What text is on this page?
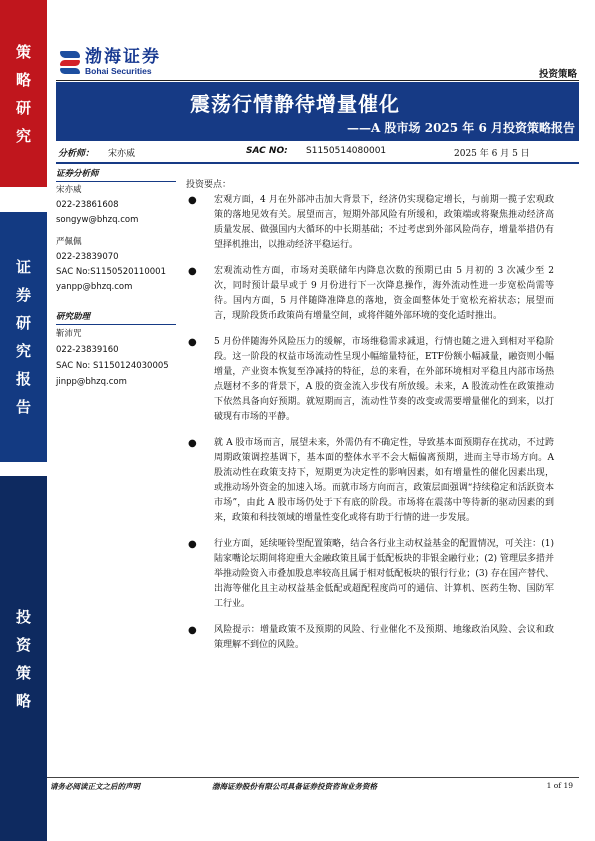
策
略
研
究
证
券
研
究
报
告
投
资
策
略
渤海证券
Bohai Securities	投资策略
震荡行情静待增量催化
——A 股市场 2025 年 6 月投资策略报告
分析师： 宋亦威	SAC NO: S1150514080001	2025 年 6 月 5 日
证券分析师
宋亦威
022-23861608
songyw@bhzq.com
严佩佩
022-23839070
SAC No:S1150520110001
yanpp@bhzq.com
研究助理
靳沛咒
022-23839160
SAC No: S1150124030005
jinpp@bhzq.com
投资要点：
● 宏观方面，4 月在外部冲击加大背景下，经济仍实现稳定增长，与前期一揽子宏观政策的落地见效有关。展望而言，短期外部风险有所缓和，政策端或将聚焦推动经济高质量发展、做强国内大循环的中长期基础；不过考虑到外部风险尚存，增量举措仍有望择机推出，以推动经济平稳运行。
● 宏观流动性方面，市场对美联储年内降息次数的预期已由 5 月初的 3 次减少至 2 次，同时预计最早或于 9 月份进行下一次降息操作，海外流动性进一步宽松尚需等待。国内方面，5 月伴随降准降息的落地，资金面整体处于宽松充裕状态；展望而言，现阶段货币政策尚有增量空间，或将伴随外部环境的变化适时推出。
● 5 月份伴随海外风险压力的缓解，市场维稳需求减退，行情也随之进入到相对平稳阶段。这一阶段的权益市场流动性呈现小幅缩量特征，ETF份额小幅减量，融资则小幅增量，产业资本恢复至净减持的特征，总的来看，在外部环境相对平稳且内部市场热点题材不多的背景下，A 股的资金流入步伐有所放缓。未来，A 股流动性在政策推动下依然具备向好预期。就短期而言，流动性节奏的改变或需要增量催化的到来，以打破现有市场的平静。
● 就 A 股市场而言，展望未来，外需仍有不确定性，导致基本面预期存在扰动，不过跨周期政策调控基调下，基本面的整体水平不会大幅偏离预期，进而主导市场方向。A 股流动性在政策支持下，短期更为决定性的影响因素，如有增量性的催化因素出现，或推动场外资金的加速入场。而就市场方向而言，政策层面强调“持续稳定和活跃资本市场”，由此 A 股市场仍处于下有底的阶段。市场将在震荡中等待新的驱动因素的到来，政策和科技领域的增量性变化或将有助于行情的进一步发展。
● 行业方面，延续哑铃型配置策略，结合各行业主动权益基金的配置情况，可关注：(1) 陆家嘴论坛期间将迎重大金融政策且属于低配板块的非银金融行业；(2) 管理层多措并举推动险资入市叠加股息率较高且属于相对低配板块的银行行业；(3) 存在国产替代、出海等催化且主动权益基金低配或超配程度尚可的通信、计算机、医药生物、国防军工行业。
● 风险提示：增量政策不及预期的风险、行业催化不及预期、地缘政治风险、会议和政策理解不到位的风险。
请务必阅读正文之后的声明	渤海证券股份有限公司具备证券投资咨询业务资格	1 of 19
